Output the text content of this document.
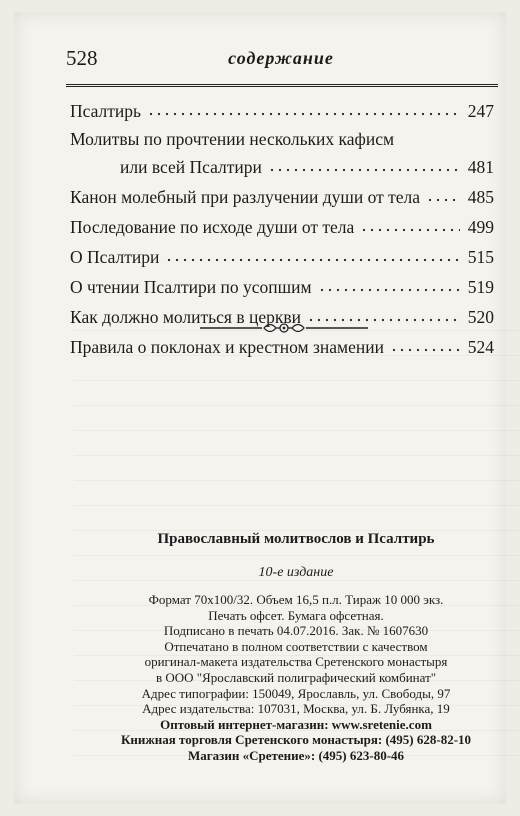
528	содержание
Псалтирь	247
Молитвы по прочтении нескольких кафисм
или всей Псалтири	481
Канон молебный при разлучении души от тела	485
Последование по исходе души от тела	499
О Псалтири	515
О чтении Псалтири по усопшим	519
Как должно молиться в церкви	520
Правила о поклонах и крестном знамении	524
Православный молитвослов и Псалтирь
10-е издание
Формат 70х100/32. Объем 16,5 п.л. Тираж 10 000 экз.
Печать офсет. Бумага офсетная.
Подписано в печать 04.07.2016. Зак. № 1607630
Отпечатано в полном соответствии с качеством
оригинал-макета издательства Сретенского монастыря
в ООО "Ярославский полиграфический комбинат"
Адрес типографии: 150049, Ярославль, ул. Свободы, 97
Адрес издательства: 107031, Москва, ул. Б. Лубянка, 19
Оптовый интернет-магазин: www.sretenie.com
Книжная торговля Сретенского монастыря: (495) 628-82-10
Магазин «Сретение»: (495) 623-80-46
